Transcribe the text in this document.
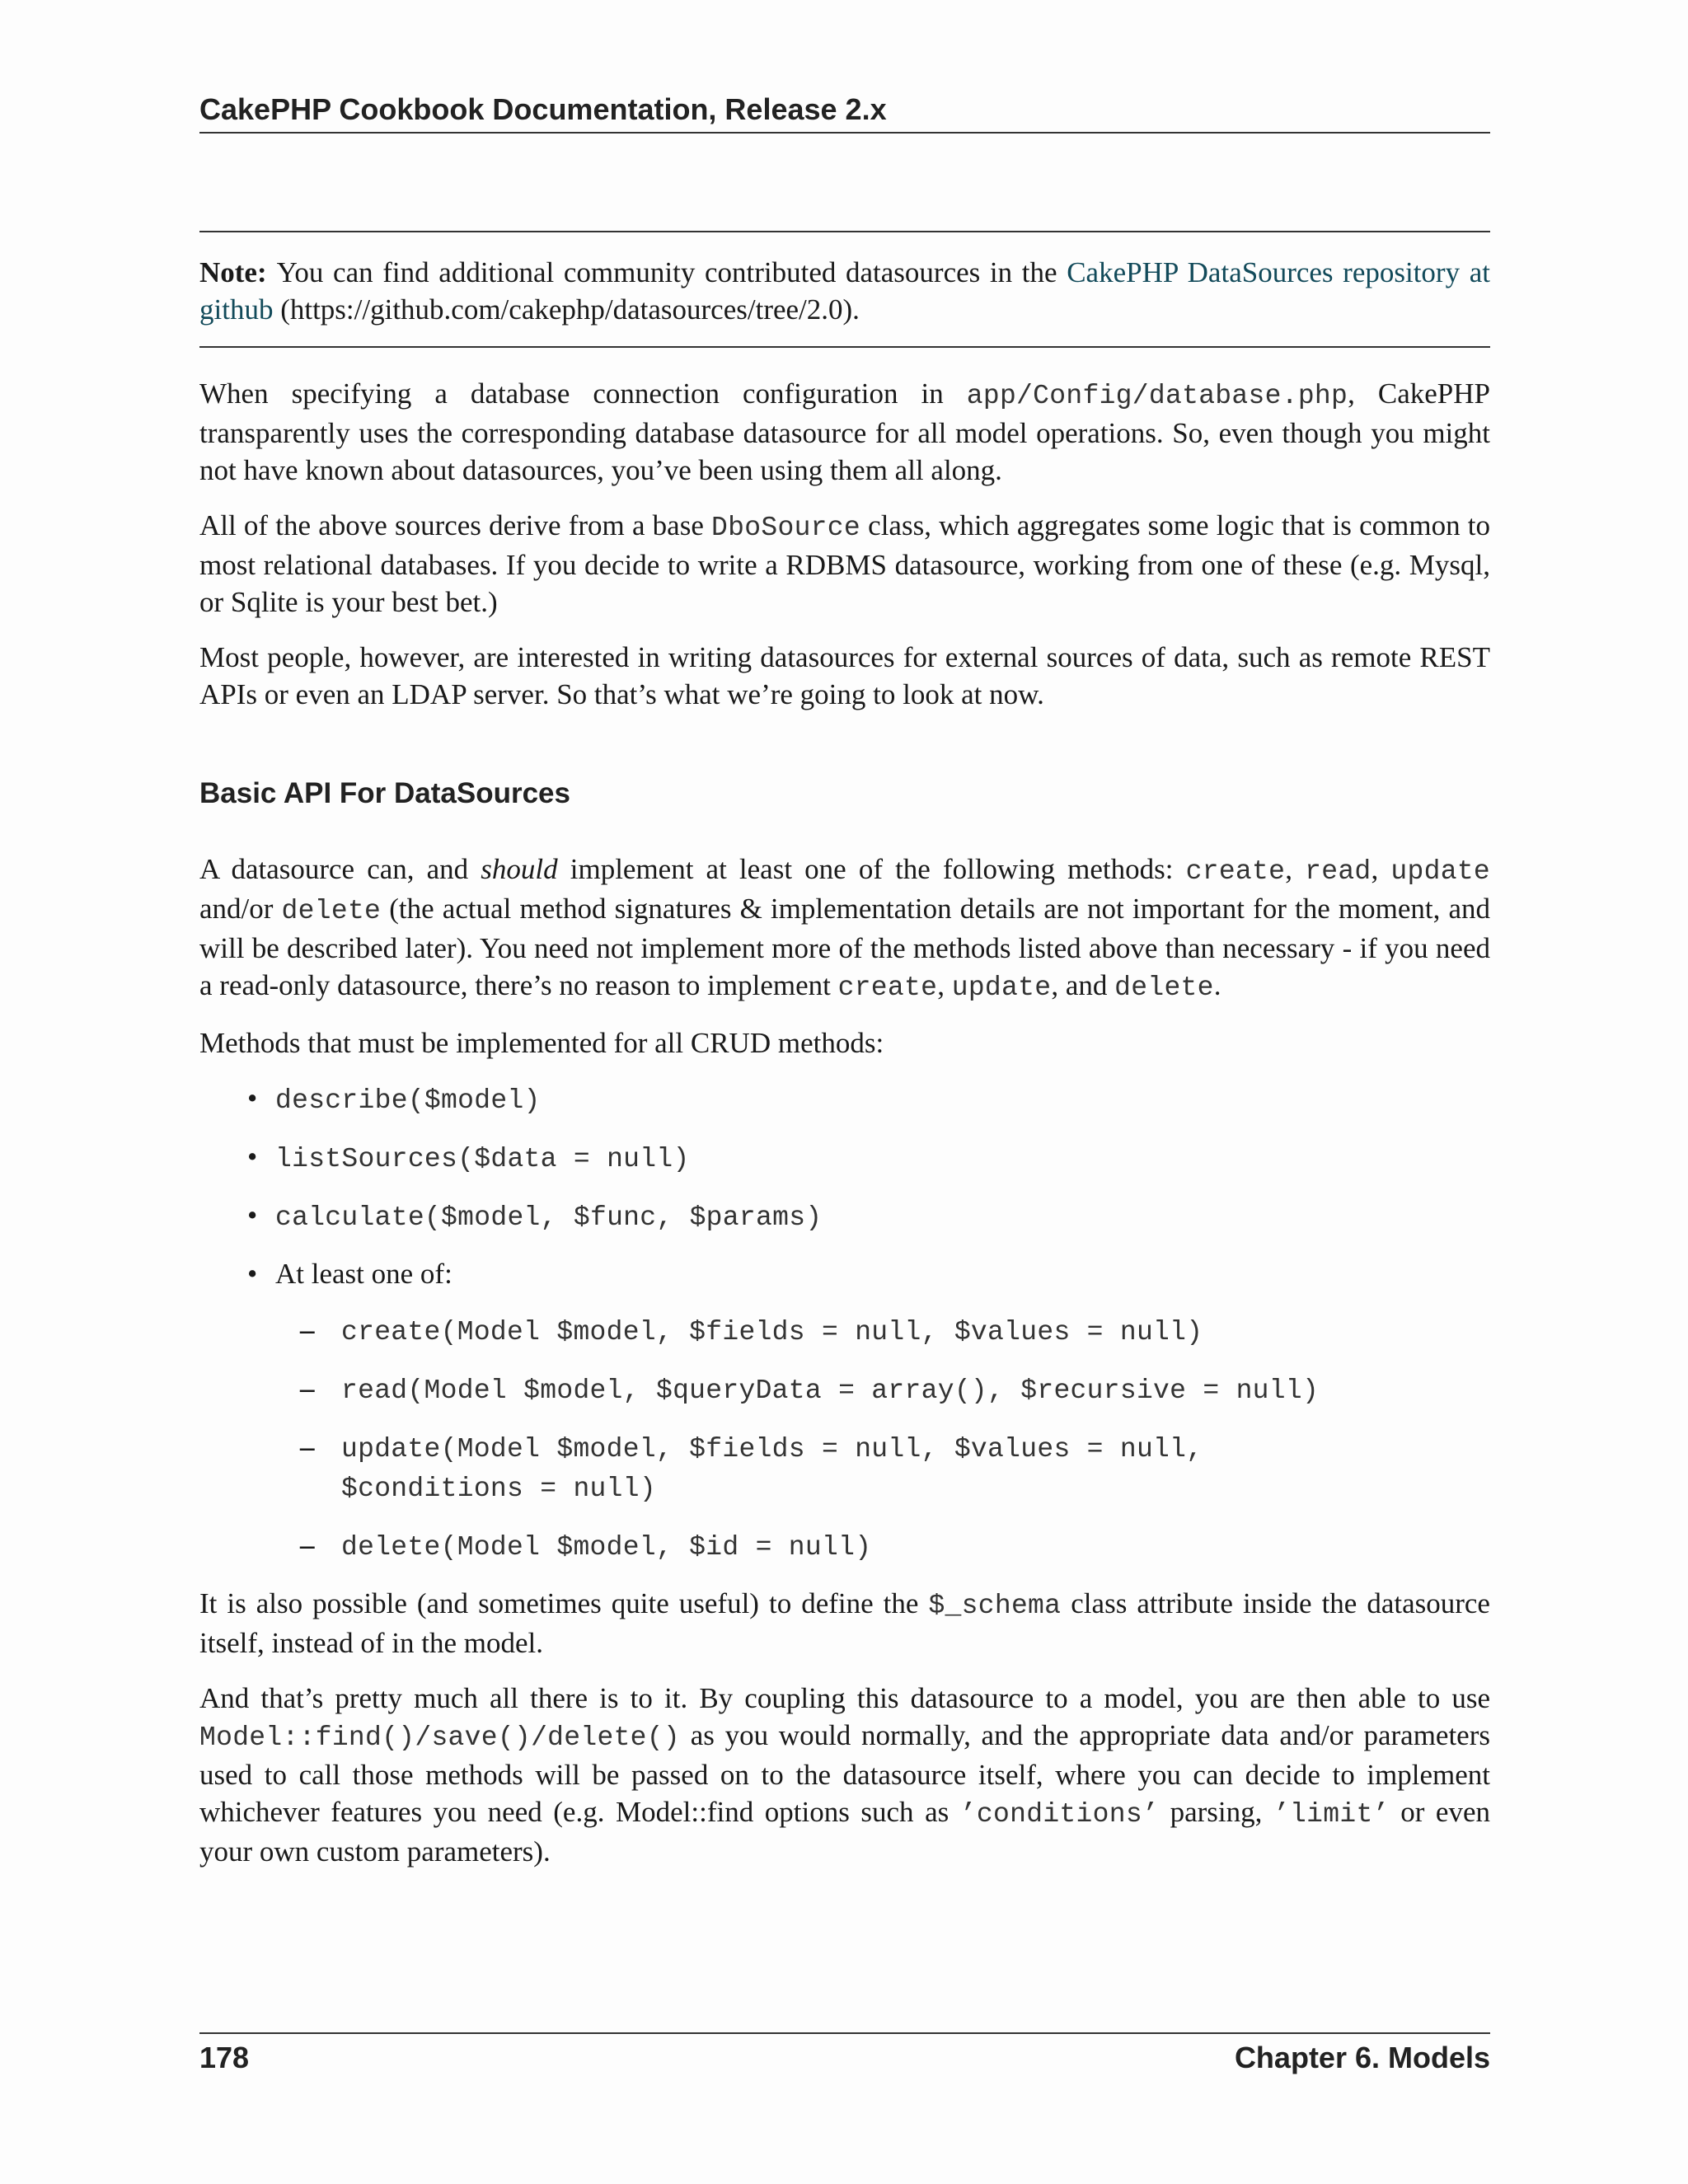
CakePHP Cookbook Documentation, Release 2.x
Note: You can find additional community contributed datasources in the CakePHP DataSources repository at github (https://github.com/cakephp/datasources/tree/2.0).

When specifying a database connection configuration in app/Config/database.php, CakePHP transparently uses the corresponding database datasource for all model operations. So, even though you might not have known about datasources, you’ve been using them all along.

All of the above sources derive from a base DboSource class, which aggregates some logic that is common to most relational databases. If you decide to write a RDBMS datasource, working from one of these (e.g. Mysql, or Sqlite is your best bet.)

Most people, however, are interested in writing datasources for external sources of data, such as remote REST APIs or even an LDAP server. So that’s what we’re going to look at now.

Basic API For DataSources

A datasource can, and should implement at least one of the following methods: create, read, update and/or delete (the actual method signatures & implementation details are not important for the moment, and will be described later). You need not implement more of the methods listed above than necessary - if you need a read-only datasource, there’s no reason to implement create, update, and delete.

Methods that must be implemented for all CRUD methods:

• describe($model)
• listSources($data = null)
• calculate($model, $func, $params)
• At least one of:
– create(Model $model, $fields = null, $values = null)
– read(Model $model, $queryData = array(), $recursive = null)
– update(Model $model, $fields = null, $values = null,
$conditions = null)
– delete(Model $model, $id = null)

It is also possible (and sometimes quite useful) to define the $_schema class attribute inside the datasource itself, instead of in the model.

And that’s pretty much all there is to it. By coupling this datasource to a model, you are then able to use Model::find()/save()/delete() as you would normally, and the appropriate data and/or parameters used to call those methods will be passed on to the datasource itself, where you can decide to implement whichever features you need (e.g. Model::find options such as ’conditions’ parsing, ’limit’ or even your own custom parameters).

178	Chapter 6. Models
